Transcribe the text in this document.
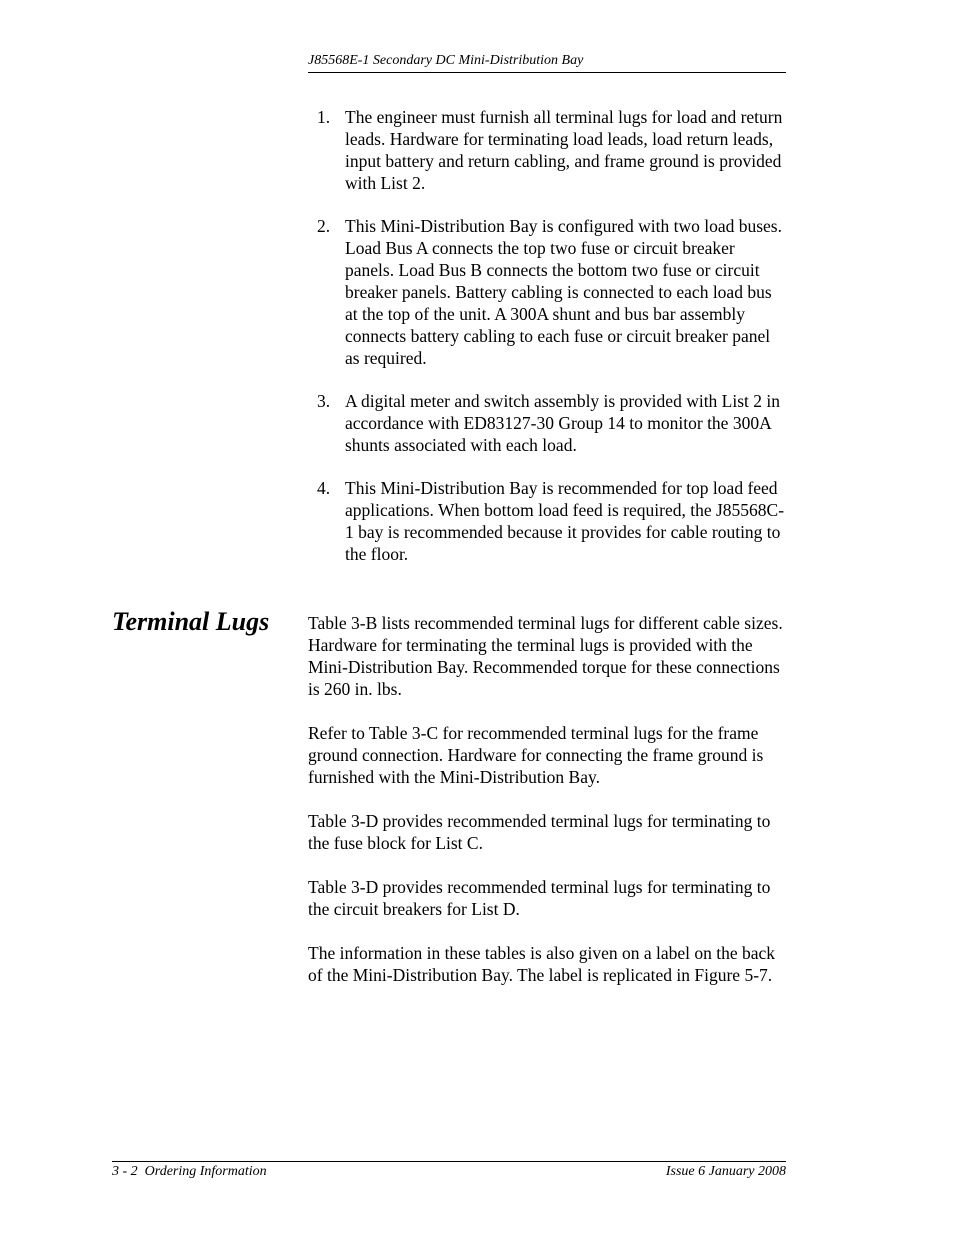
J85568E-1 Secondary DC Mini-Distribution Bay
1. The engineer must furnish all terminal lugs for load and return leads. Hardware for terminating load leads, load return leads, input battery and return cabling, and frame ground is provided with List 2.

2. This Mini-Distribution Bay is configured with two load buses. Load Bus A connects the top two fuse or circuit breaker panels. Load Bus B connects the bottom two fuse or circuit breaker panels. Battery cabling is connected to each load bus at the top of the unit. A 300A shunt and bus bar assembly connects battery cabling to each fuse or circuit breaker panel as required.

3. A digital meter and switch assembly is provided with List 2 in accordance with ED83127-30 Group 14 to monitor the 300A shunts associated with each load.

4. This Mini-Distribution Bay is recommended for top load feed applications. When bottom load feed is required, the J85568C-1 bay is recommended because it provides for cable routing to the floor.

Terminal Lugs Table 3-B lists recommended terminal lugs for different cable sizes. Hardware for terminating the terminal lugs is provided with the Mini-Distribution Bay. Recommended torque for these connections is 260 in. lbs.

Refer to Table 3-C for recommended terminal lugs for the frame ground connection. Hardware for connecting the frame ground is furnished with the Mini-Distribution Bay.

Table 3-D provides recommended terminal lugs for terminating to the fuse block for List C.

Table 3-D provides recommended terminal lugs for terminating to the circuit breakers for List D.

The information in these tables is also given on a label on the back of the Mini-Distribution Bay. The label is replicated in Figure 5-7.

3 - 2  Ordering Information	Issue 6 January 2008
